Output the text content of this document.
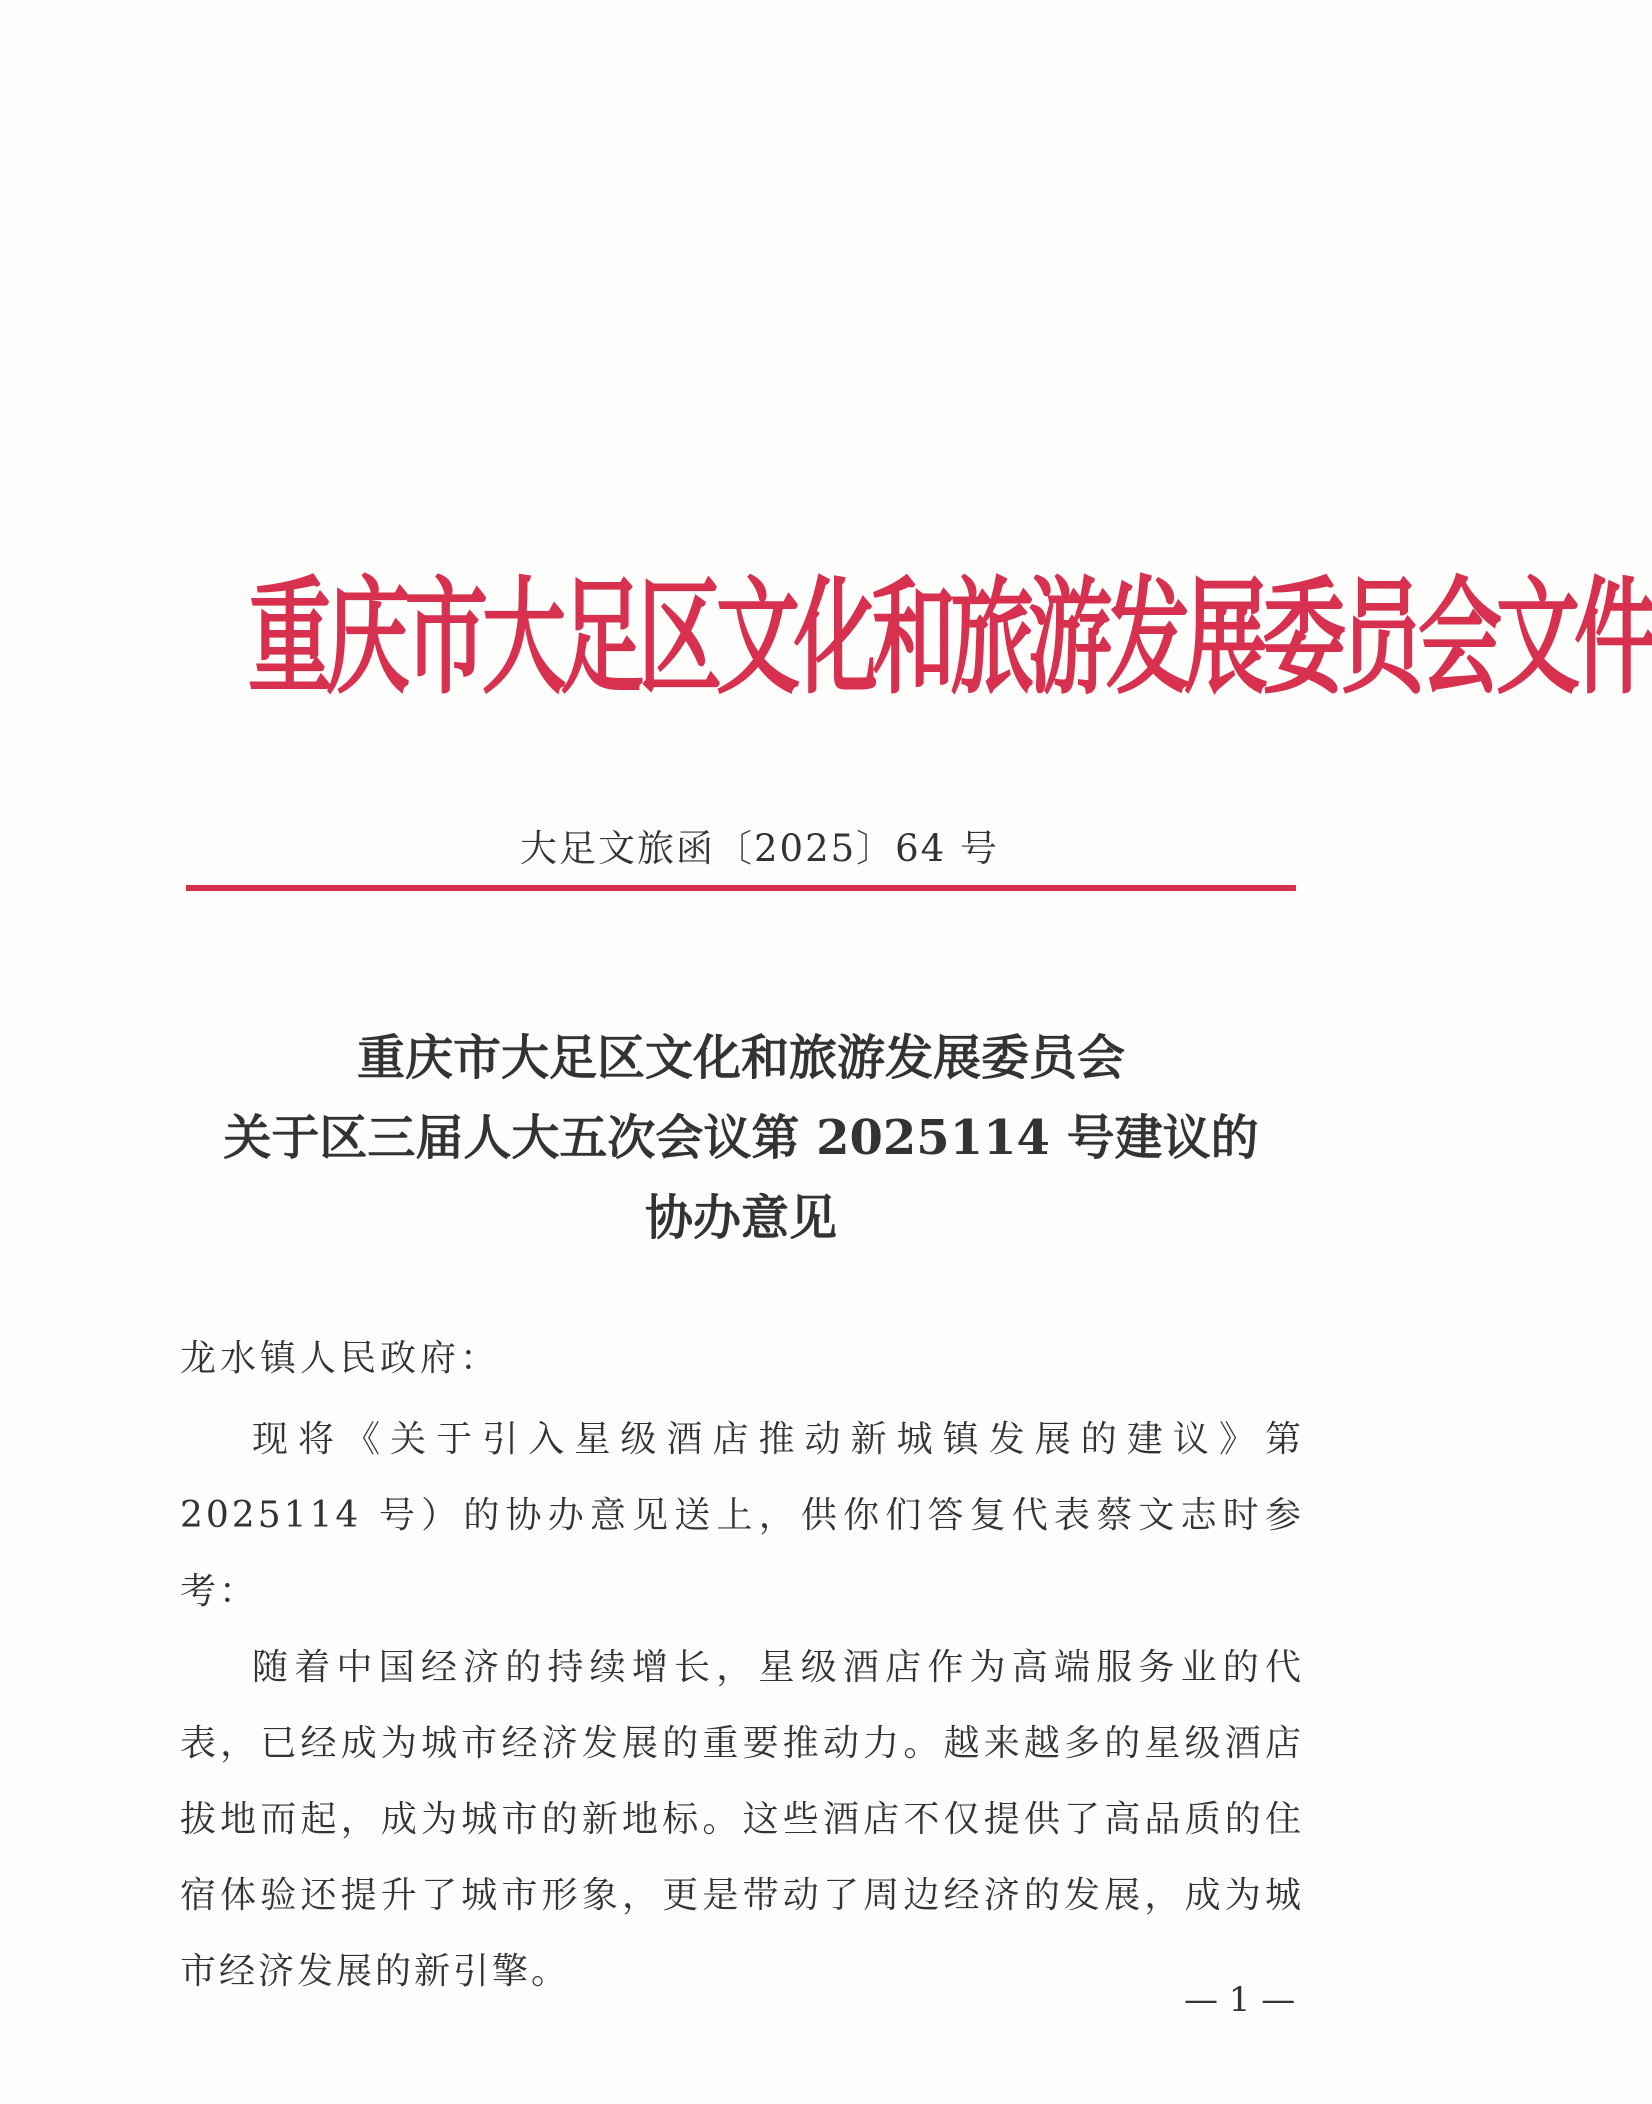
重庆市大足区文化和旅游发展委员会文件
大足文旅函〔2025〕64 号
重庆市大足区文化和旅游发展委员会
关于区三届人大五次会议第 2025114 号建议的
协办意见
龙水镇人民政府：

现将《关于引入星级酒店推动新城镇发展的建议》第 2025114 号）的协办意见送上，供你们答复代表蔡文志时参考：

随着中国经济的持续增长，星级酒店作为高端服务业的代表，已经成为城市经济发展的重要推动力。越来越多的星级酒店拔地而起，成为城市的新地标。这些酒店不仅提供了高品质的住宿体验还提升了城市形象，更是带动了周边经济的发展，成为城市经济发展的新引擎。

— 1 —
